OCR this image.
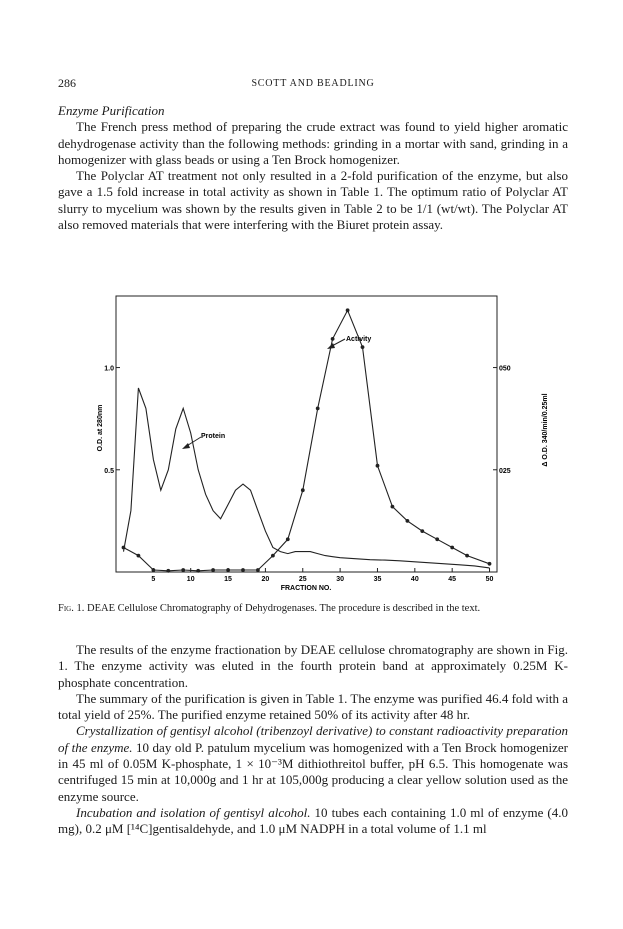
286	SCOTT AND BEADLING

Enzyme Purification

The French press method of preparing the crude extract was found to yield higher aromatic dehydrogenase activity than the following methods: grinding in a mortar with sand, grinding in a homogenizer with glass beads or using a Ten Brock homogenizer.

The Polyclar AT treatment not only resulted in a 2-fold purification of the enzyme, but also gave a 1.5 fold increase in total activity as shown in Table 1. The optimum ratio of Polyclar AT slurry to mycelium was shown by the results given in Table 2 to be 1/1 (wt/wt). The Polyclar AT also removed materials that were interfering with the Biuret protein assay.

5	10	15	20	25	30	35	40	45	50
1.0
0.5
050
025
FRACTION NO.
O.D. at 280nm	Δ O.D. 340/min/0.25ml
Activity
Protein
Fig. 1. DEAE Cellulose Chromatography of Dehydrogenases. The procedure is described in the text.

The results of the enzyme fractionation by DEAE cellulose chromatography are shown in Fig. 1. The enzyme activity was eluted in the fourth protein band at approximately 0.25M K-phosphate concentration.

The summary of the purification is given in Table 1. The enzyme was purified 46.4 fold with a total yield of 25%. The purified enzyme retained 50% of its activity after 48 hr.

Crystallization of gentisyl alcohol (tribenzoyl derivative) to constant radioactivity preparation of the enzyme. 10 day old P. patulum mycelium was homogenized with a Ten Brock homogenizer in 45 ml of 0.05M K-phosphate, 1 × 10⁻³M dithiothreitol buffer, pH 6.5. This homogenate was centrifuged 15 min at 10,000g and 1 hr at 105,000g producing a clear yellow solution used as the enzyme source.

Incubation and isolation of gentisyl alcohol. 10 tubes each containing 1.0 ml of enzyme (4.0 mg), 0.2 μM [¹⁴C]gentisaldehyde, and 1.0 μM NADPH in a total volume of 1.1 ml
